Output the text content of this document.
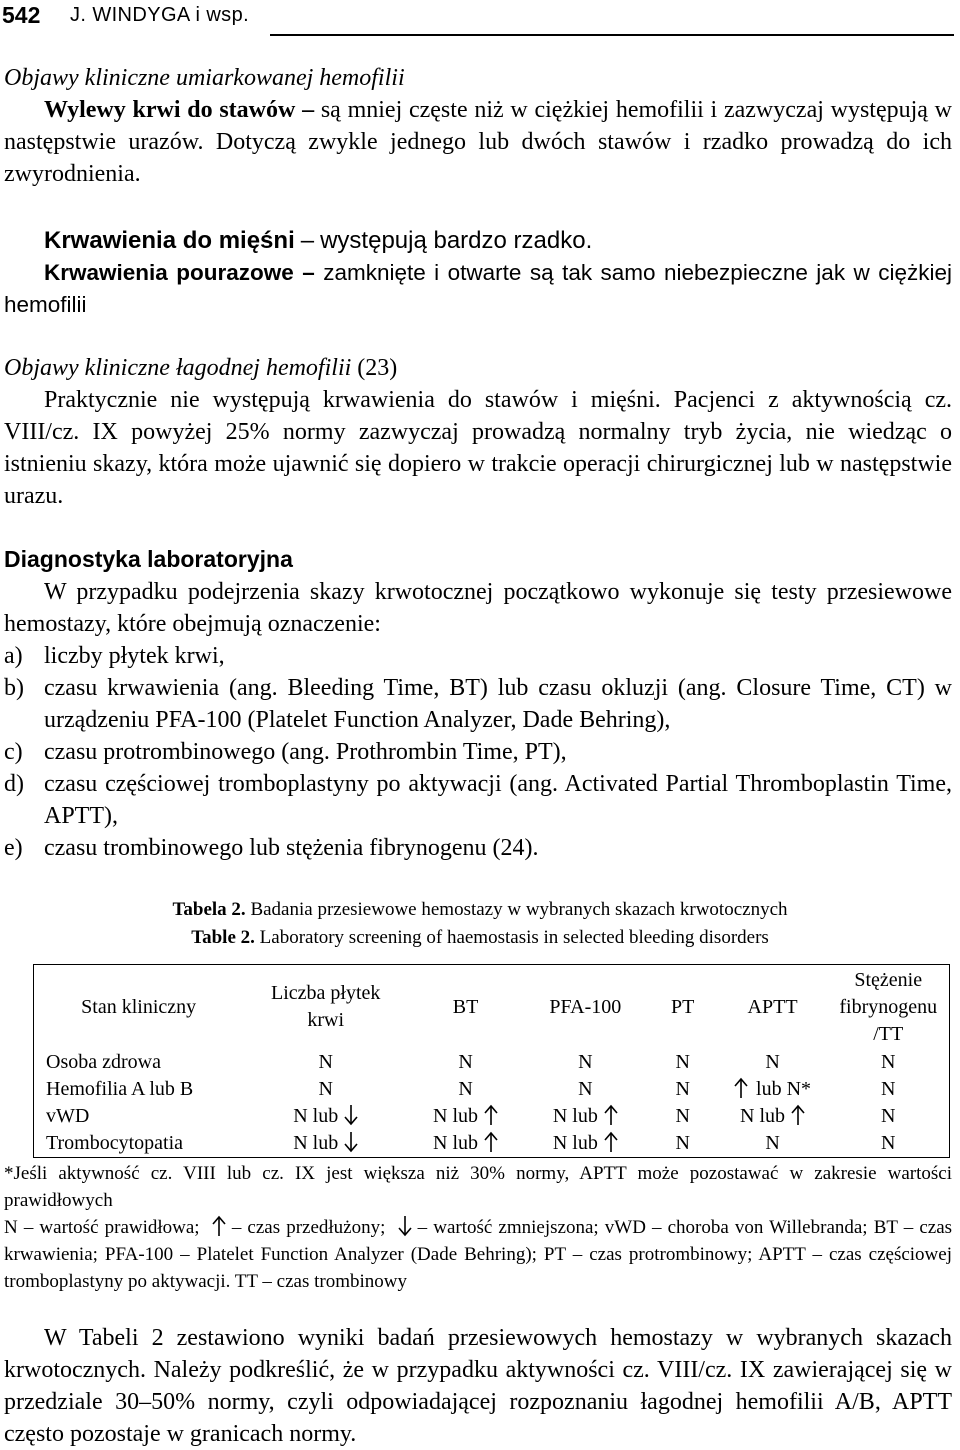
542 J. WINDYGA i wsp.
Objawy kliniczne umiarkowanej hemofilii
Wylewy krwi do stawów – są mniej częste niż w ciężkiej hemofilii i zazwyczaj występują w następstwie urazów. Dotyczą zwykle jednego lub dwóch stawów i rzadko prowadzą do ich zwyrodnienia.
Krwawienia do mięśni – występują bardzo rzadko.
Krwawienia pourazowe – zamknięte i otwarte są tak samo niebezpieczne jak w ciężkiej hemofilii
Objawy kliniczne łagodnej hemofilii (23)
Praktycznie nie występują krwawienia do stawów i mięśni. Pacjenci z aktywnością cz. VIII/cz. IX powyżej 25% normy zazwyczaj prowadzą normalny tryb życia, nie wiedząc o istnieniu skazy, która może ujawnić się dopiero w trakcie operacji chirurgicznej lub w następstwie urazu.
Diagnostyka laboratoryjna
W przypadku podejrzenia skazy krwotocznej początkowo wykonuje się testy przesiewowe hemostazy, które obejmują oznaczenie:
a) liczby płytek krwi,
b) czasu krwawienia (ang. Bleeding Time, BT) lub czasu okluzji (ang. Closure Time, CT) w urządzeniu PFA-100 (Platelet Function Analyzer, Dade Behring),
c) czasu protrombinowego (ang. Prothrombin Time, PT),
d) czasu częściowej tromboplastyny po aktywacji (ang. Activated Partial Thromboplastin Time, APTT),
e) czasu trombinowego lub stężenia fibrynogenu (24).
Tabela 2. Badania przesiewowe hemostazy w wybranych skazach krwotocznych
Table 2. Laboratory screening of haemostasis in selected bleeding disorders
Stan kliniczny	Liczba płytek krwi	BT	PFA-100	PT	APTT	Stężenie fibrynogenu /TT

Osoba zdrowa	N	N	N	N	N	N
Hemofilia A lub B	N	N	N	N	lub N*	N
vWD	N lub	N lub	N lub	N	N lub	N
Trombocytopatia	N lub	N lub	N lub	N	N	N
*Jeśli aktywność cz. VIII lub cz. IX jest większa niż 30% normy, APTT może pozostawać w zakresie wartości prawidłowych
N – wartość prawidłowa; – czas przedłużony; – wartość zmniejszona; vWD – choroba von Willebranda; BT – czas krwawienia; PFA-100 – Platelet Function Analyzer (Dade Behring); PT – czas protrombinowy; APTT – czas częściowej tromboplastyny po aktywacji. TT – czas trombinowy
W Tabeli 2 zestawiono wyniki badań przesiewowych hemostazy w wybranych skazach krwotocznych. Należy podkreślić, że w przypadku aktywności cz. VIII/cz. IX zawierającej się w przedziale 30–50% normy, czyli odpowiadającej rozpoznaniu łagodnej hemofilii A/B, APTT często pozostaje w granicach normy.
